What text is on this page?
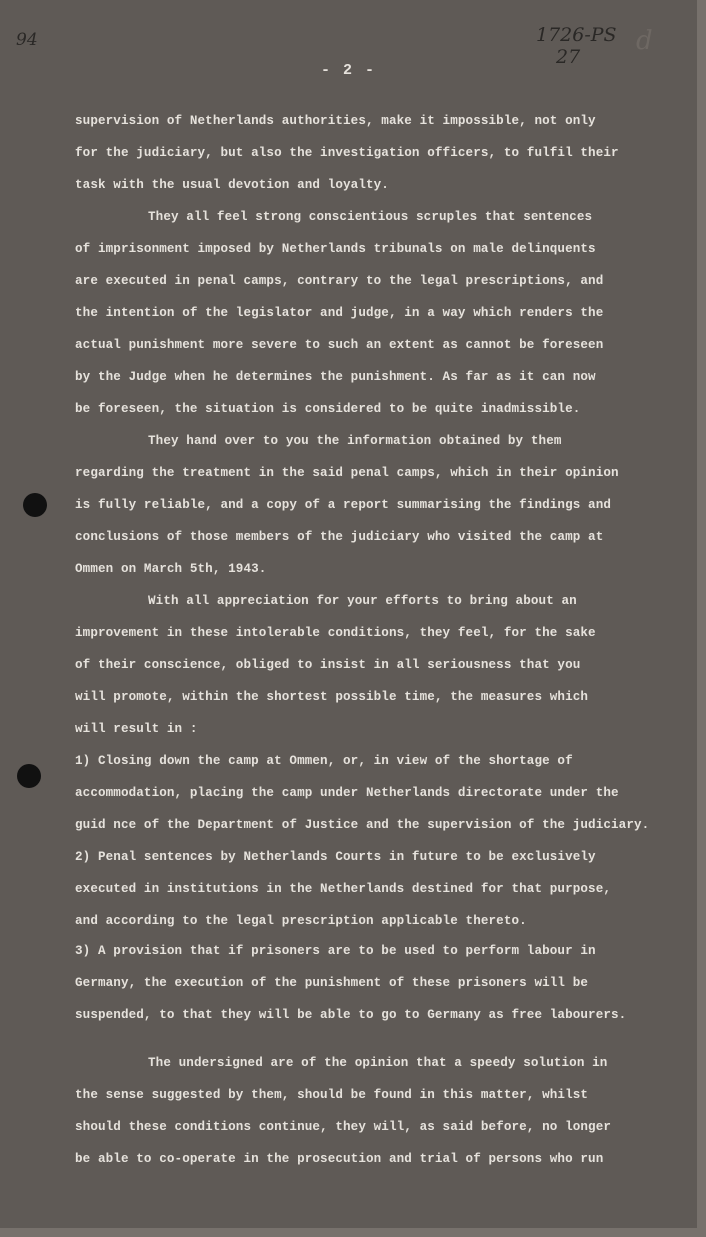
94	1726-PS
27

d

- 2 -

supervision of Netherlands authorities, make it impossible, not only

for the judiciary, but also the investigation officers, to fulfil their

task with the usual devotion and loyalty.

They all feel strong conscientious scruples that sentences

of imprisonment imposed by Netherlands tribunals on male delinquents

are executed in penal camps, contrary to the legal prescriptions, and

the intention of the legislator and judge, in a way which renders the

actual punishment more severe to such an extent as cannot be foreseen

by the Judge when he determines the punishment. As far as it can now

be foreseen, the situation is considered to be quite inadmissible.

They hand over to you the information obtained by them

regarding the treatment in the said penal camps, which in their opinion

is fully reliable, and a copy of a report summarising the findings and

conclusions of those members of the judiciary who visited the camp at

Ommen on March 5th, 1943.

With all appreciation for your efforts to bring about an

improvement in these intolerable conditions, they feel, for the sake

of their conscience, obliged to insist in all seriousness that you

will promote, within the shortest possible time, the measures which

will result in :

1) Closing down the camp at Ommen, or, in view of the shortage of

accommodation, placing the camp under Netherlands directorate under the

guid nce of the Department of Justice and the supervision of the judiciary.

2) Penal sentences by Netherlands Courts in future to be exclusively

executed in institutions in the Netherlands destined for that purpose,

and according to the legal prescription applicable thereto.

3) A provision that if prisoners are to be used to perform labour in

Germany, the execution of the punishment of these prisoners will be

suspended, to that they will be able to go to Germany as free labourers.

The undersigned are of the opinion that a speedy solution in

the sense suggested by them, should be found in this matter, whilst

should these conditions continue, they will, as said before, no longer

be able to co-operate in the prosecution and trial of persons who run
